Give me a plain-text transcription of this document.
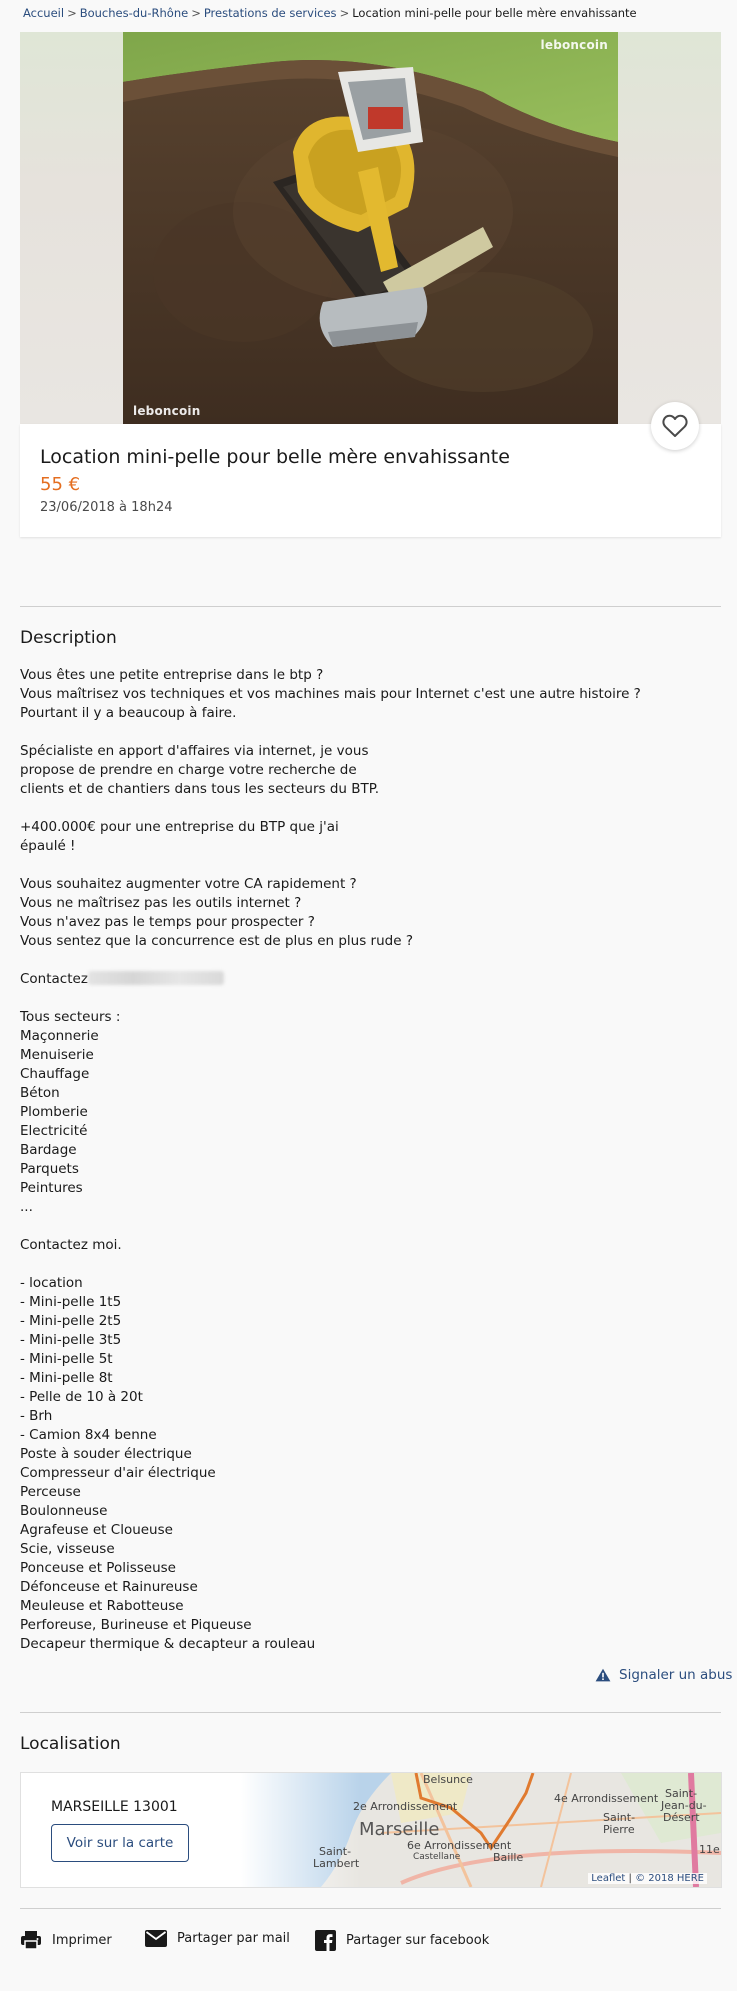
Accueil > Bouches-du-Rhône > Prestations de services > Location mini-pelle pour belle mère envahissante
leboncoin
leboncoin
Location mini-pelle pour belle mère envahissante
55 €
23/06/2018 à 18h24
Description
Vous êtes une petite entreprise dans le btp ?
Vous maîtrisez vos techniques et vos machines mais pour Internet c'est une autre histoire ?
Pourtant il y a beaucoup à faire.
Spécialiste en apport d'affaires via internet, je vous
propose de prendre en charge votre recherche de
clients et de chantiers dans tous les secteurs du BTP.
+400.000€ pour une entreprise du BTP que j'ai
épaulé !
Vous souhaitez augmenter votre CA rapidement ?
Vous ne maîtrisez pas les outils internet ?
Vous n'avez pas le temps pour prospecter ?
Vous sentez que la concurrence est de plus en plus rude ?
Contactez
Tous secteurs :
Maçonnerie
Menuiserie
Chauffage
Béton
Plomberie
Electricité
Bardage
Parquets
Peintures
...
Contactez moi.
- location
- Mini-pelle 1t5
- Mini-pelle 2t5
- Mini-pelle 3t5
- Mini-pelle 5t
- Mini-pelle 8t
- Pelle de 10 à 20t
- Brh
- Camion 8x4 benne
Poste à souder électrique
Compresseur d'air électrique
Perceuse
Boulonneuse
Agrafeuse et Cloueuse
Scie, visseuse
Ponceuse et Polisseuse
Défonceuse et Rainureuse
Meuleuse et Rabotteuse
Perforeuse, Burineuse et Piqueuse
Decapeur thermique & decapteur a rouleau
Signaler un abus
Localisation
MARSEILLE 13001
Voir sur la carte
Belsunce
2e Arrondissement
4e Arrondissement
Marseille
6e Arrondissement
Saint-
Jean-du-
Désert
Saint-
Pierre
Saint-
Lambert	Castellane	Baille
11e
Leaflet | © 2018 HERE
Imprimer	Partager par mail	Partager sur facebook
